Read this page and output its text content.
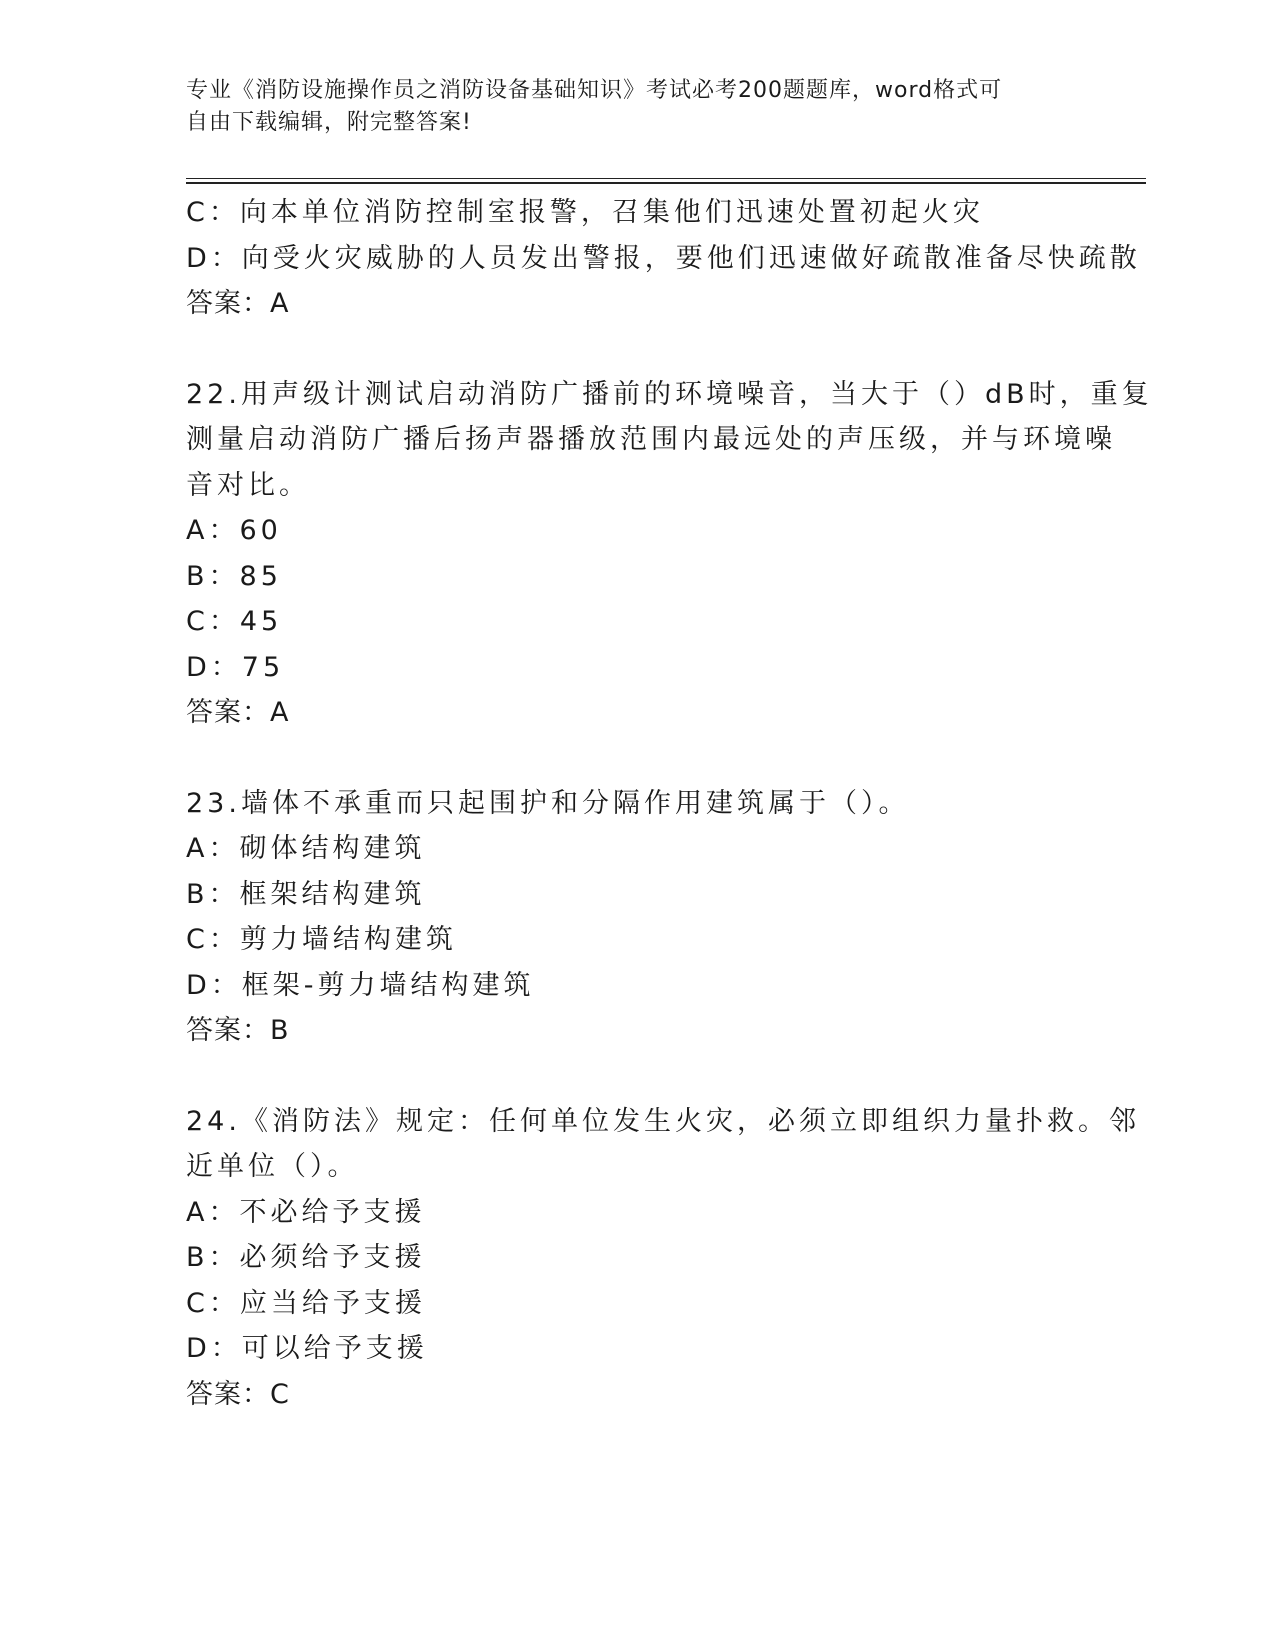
专业《消防设施操作员之消防设备基础知识》考试必考200题题库，word格式可
自由下载编辑，附完整答案!
C：向本单位消防控制室报警，召集他们迅速处置初起火灾
D：向受火灾威胁的人员发出警报，要他们迅速做好疏散准备尽快疏散
答案：A
22.用声级计测试启动消防广播前的环境噪音，当大于（）dB时，重复
测量启动消防广播后扬声器播放范围内最远处的声压级，并与环境噪
音对比。
A：60
B：85
C：45
D：75
答案：A
23.墙体不承重而只起围护和分隔作用建筑属于（）。
A：砌体结构建筑
B：框架结构建筑
C：剪力墙结构建筑
D：框架-剪力墙结构建筑
答案：B
24.《消防法》规定：任何单位发生火灾，必须立即组织力量扑救。邻
近单位（）。
A：不必给予支援
B：必须给予支援
C：应当给予支援
D：可以给予支援
答案：C
